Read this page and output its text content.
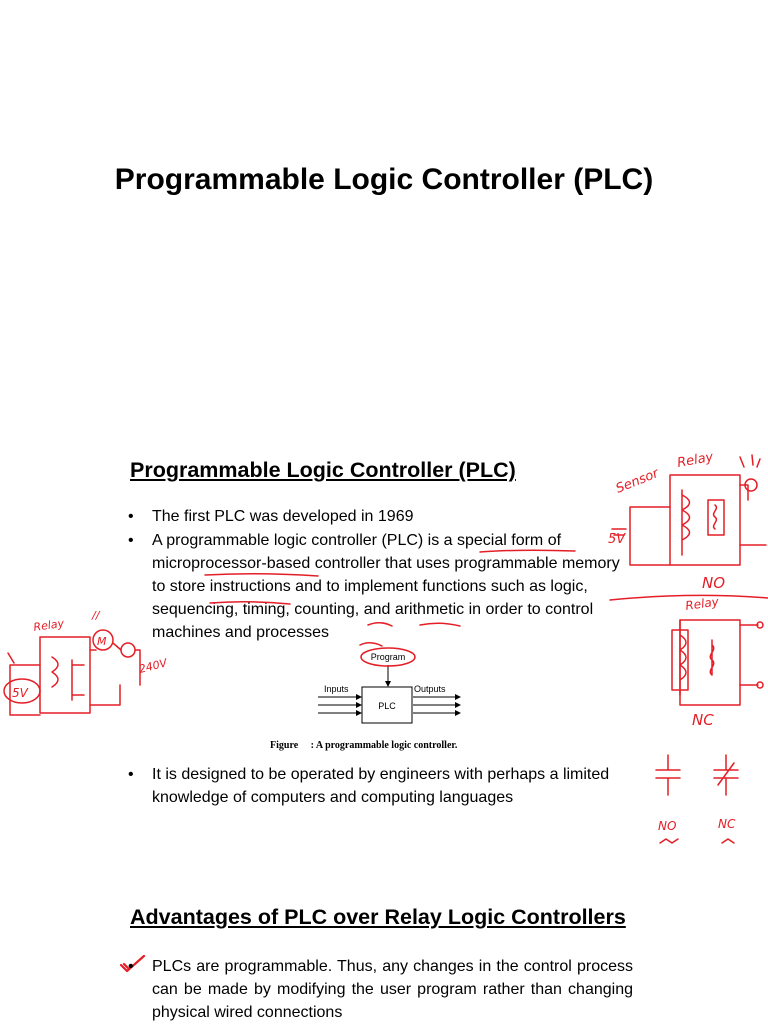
Programmable Logic Controller (PLC)
Programmable Logic Controller (PLC)
• The first PLC was developed in 1969
• A programmable logic controller (PLC) is a special form of microprocessor-based controller that uses programmable memory to store instructions and to implement functions such as logic, sequencing, timing, counting, and arithmetic in order to control machines and processes
PLC
Program
Inputs	Outputs
Figure : A programmable logic controller.
• It is designed to be operated by engineers with perhaps a limited knowledge of computers and computing languages
Sensor
Relay
5V
NO
Relay
NC
NO	NC
Relay
//
5V
M
240V
Advantages of PLC over Relay Logic Controllers
• PLCs are programmable. Thus, any changes in the control process can be made by modifying the user program rather than changing physical wired connections
